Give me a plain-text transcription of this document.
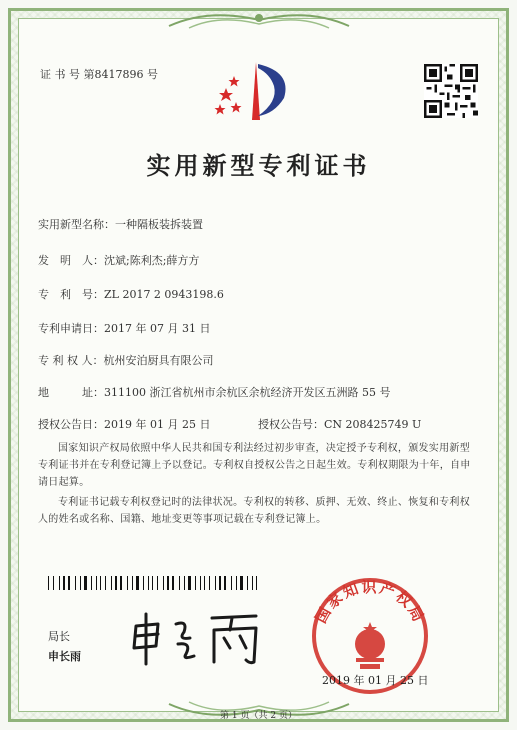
证 书 号 第8417896 号
实用新型专利证书
实用新型名称：一种隔板装拆装置
发　明　人：沈斌;陈利杰;薛方方
专　利　号：ZL 2017 2 0943198.6
专利申请日：2017 年 07 月 31 日
专 利 权 人：杭州安泊厨具有限公司
地　　　址：311100 浙江省杭州市余杭区余杭经济开发区五洲路 55 号
授权公告日：2019 年 01 月 25 日	授权公告号：CN 208425749 U
国家知识产权局依照中华人民共和国专利法经过初步审查，决定授予专利权，颁发实用新型专利证书并在专利登记簿上予以登记。专利权自授权公告之日起生效。专利权期限为十年，自申请日起算。
专利证书记载专利权登记时的法律状况。专利权的转移、质押、无效、终止、恢复和专利权人的姓名或名称、国籍、地址变更等事项记载在专利登记簿上。
局长
申长雨
国家知识产权局
2019 年 01 月 25 日
第 1 页（共 2 页）
